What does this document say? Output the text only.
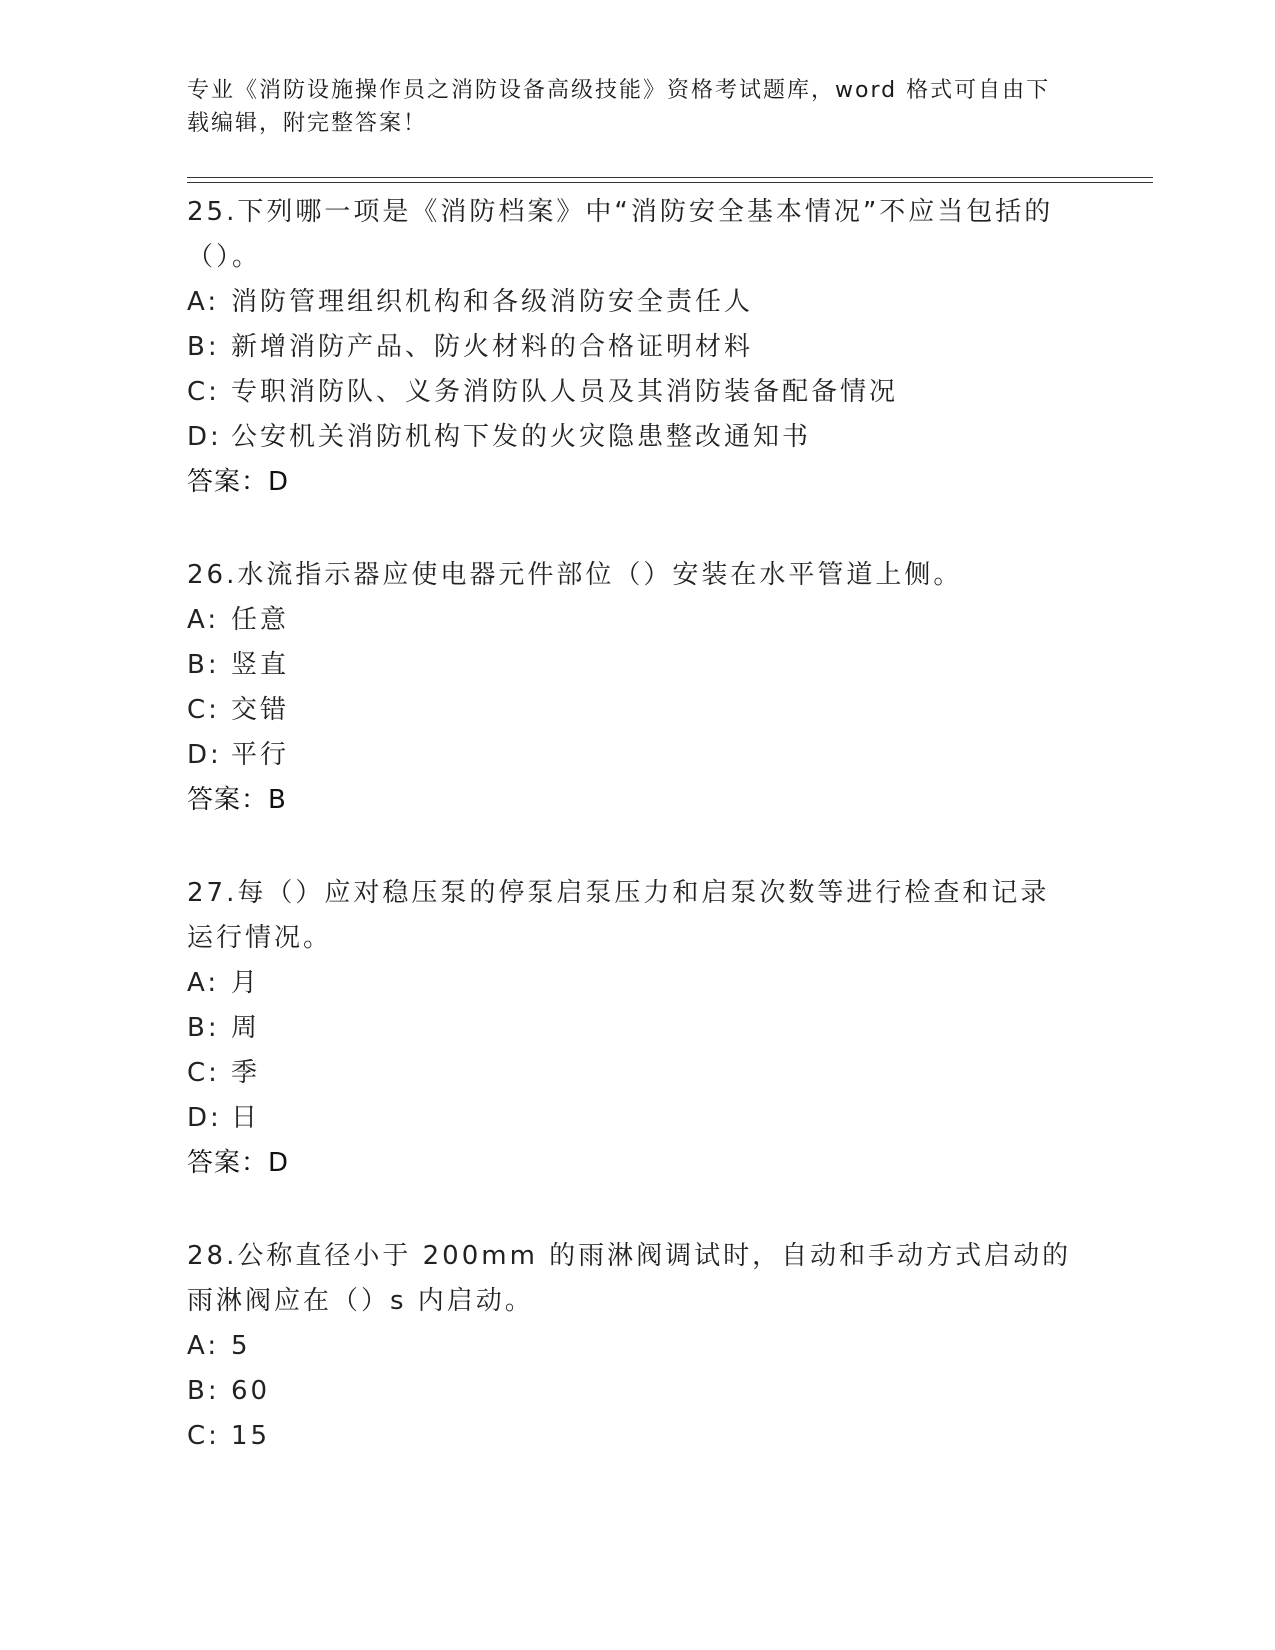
专业《消防设施操作员之消防设备高级技能》资格考试题库，word 格式可自由下
载编辑，附完整答案！
25.下列哪一项是《消防档案》中“消防安全基本情况”不应当包括的（）。
A: 消防管理组织机构和各级消防安全责任人
B: 新增消防产品、防火材料的合格证明材料
C: 专职消防队、义务消防队人员及其消防装备配备情况
D: 公安机关消防机构下发的火灾隐患整改通知书
答案：D
26.水流指示器应使电器元件部位（）安装在水平管道上侧。
A: 任意
B: 竖直
C: 交错
D: 平行
答案：B
27.每（）应对稳压泵的停泵启泵压力和启泵次数等进行检查和记录运行情况。
A: 月
B: 周
C: 季
D: 日
答案：D
28.公称直径小于 200mm 的雨淋阀调试时，自动和手动方式启动的雨淋阀应在（）s 内启动。
A: 5
B: 60
C: 15
